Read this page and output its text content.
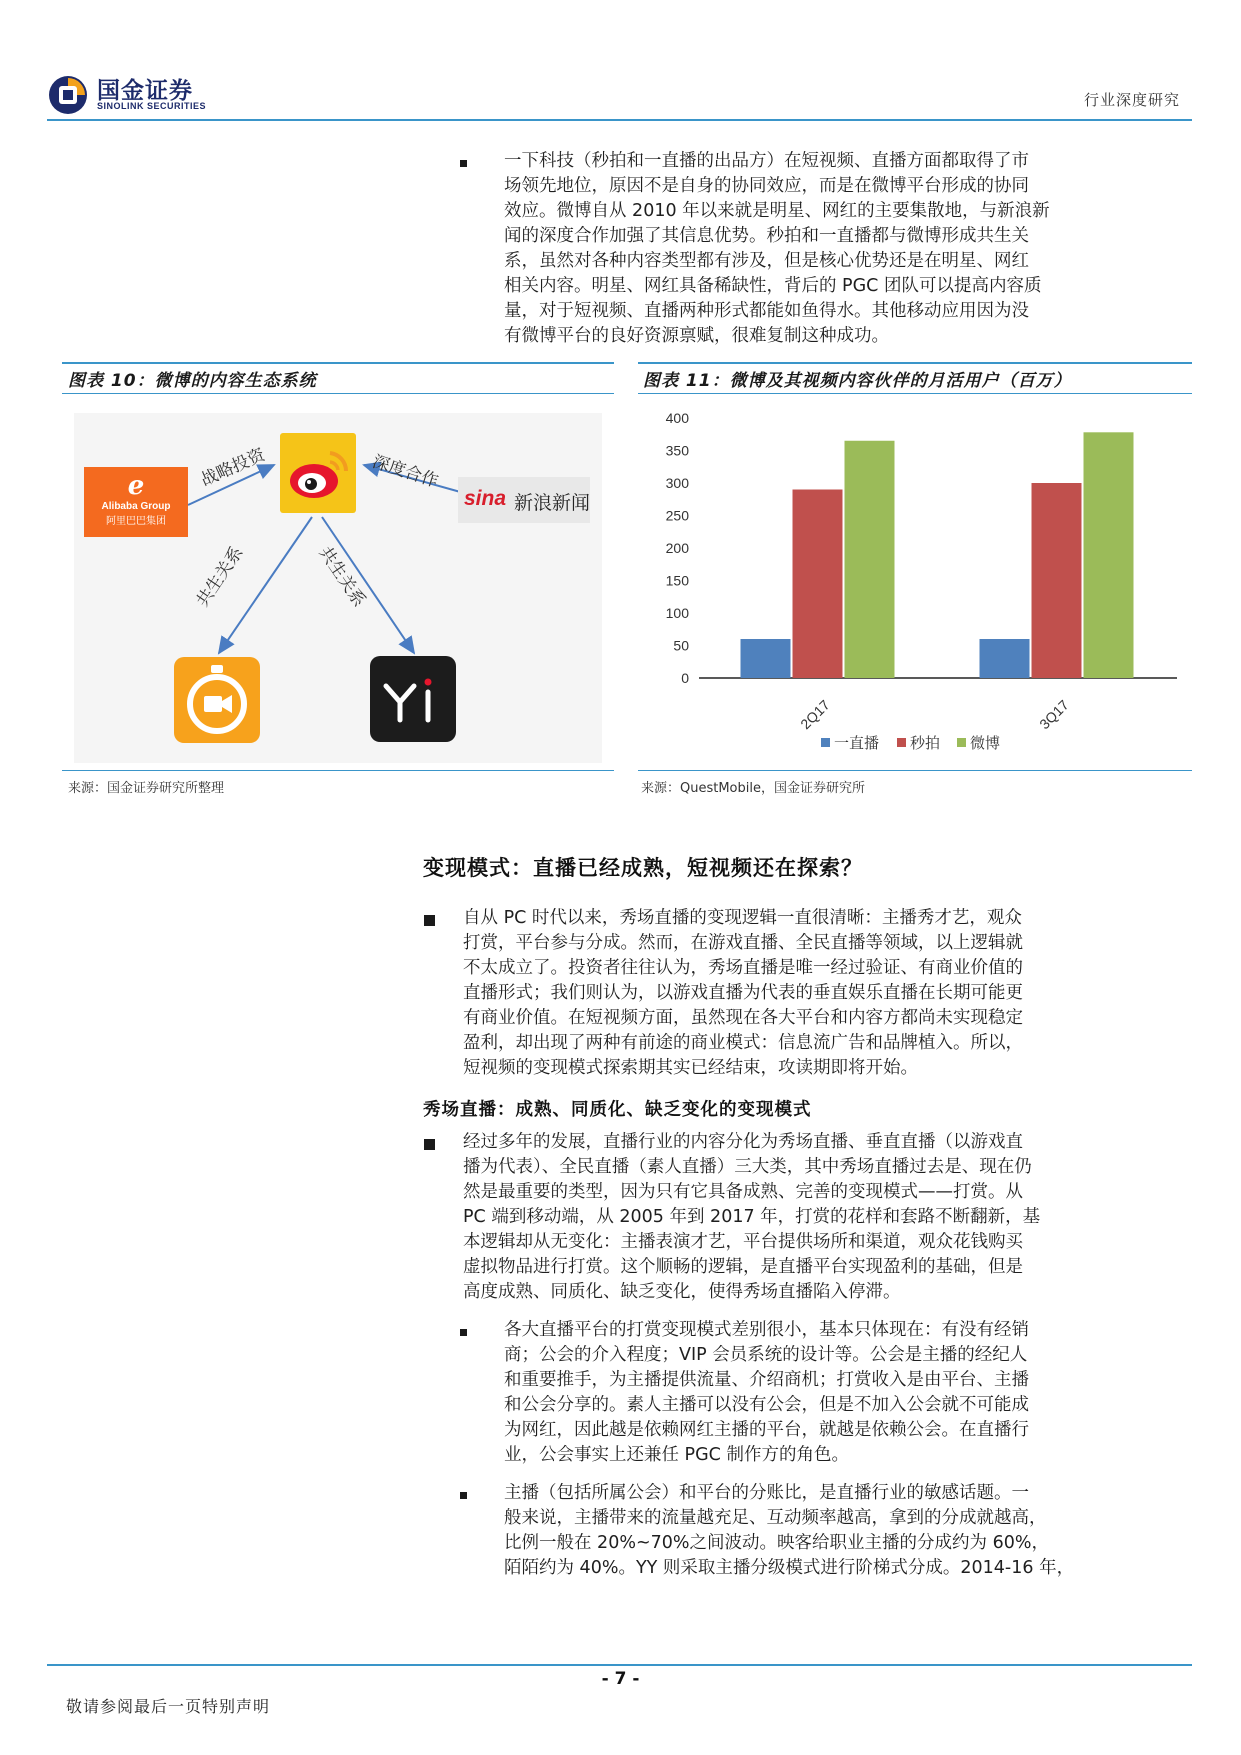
国金证券
SINOLINK SECURITIES	行业深度研究
一下科技（秒拍和一直播的出品方）在短视频、直播方面都取得了市
场领先地位，原因不是自身的协同效应，而是在微博平台形成的协同
效应。微博自从 2010 年以来就是明星、网红的主要集散地，与新浪新
闻的深度合作加强了其信息优势。秒拍和一直播都与微博形成共生关
系，虽然对各种内容类型都有涉及，但是核心优势还是在明星、网红
相关内容。明星、网红具备稀缺性，背后的 PGC 团队可以提高内容质
量，对于短视频、直播两种形式都能如鱼得水。其他移动应用因为没
有微博平台的良好资源禀赋，很难复制这种成功。
图表 10：微博的内容生态系统
战略投资	深度合作
共生关系	共生关系
e
Alibaba Group
阿里巴巴集团
sina 新浪新闻
来源：国金证券研究所整理
图表 11：微博及其视频内容伙伴的月活用户（百万）
0
50
100
150
200
250
300
350
400
2Q17	3Q17
一直播 秒拍 微博
来源：QuestMobile，国金证券研究所
变现模式：直播已经成熟，短视频还在探索？
自从 PC 时代以来，秀场直播的变现逻辑一直很清晰：主播秀才艺，观众
打赏，平台参与分成。然而，在游戏直播、全民直播等领域，以上逻辑就
不太成立了。投资者往往认为，秀场直播是唯一经过验证、有商业价值的
直播形式；我们则认为，以游戏直播为代表的垂直娱乐直播在长期可能更
有商业价值。在短视频方面，虽然现在各大平台和内容方都尚未实现稳定
盈利，却出现了两种有前途的商业模式：信息流广告和品牌植入。所以，
短视频的变现模式探索期其实已经结束，攻读期即将开始。
秀场直播：成熟、同质化、缺乏变化的变现模式
经过多年的发展，直播行业的内容分化为秀场直播、垂直直播（以游戏直
播为代表）、全民直播（素人直播）三大类，其中秀场直播过去是、现在仍
然是最重要的类型，因为只有它具备成熟、完善的变现模式——打赏。从
PC 端到移动端，从 2005 年到 2017 年，打赏的花样和套路不断翻新，基
本逻辑却从无变化：主播表演才艺，平台提供场所和渠道，观众花钱购买
虚拟物品进行打赏。这个顺畅的逻辑，是直播平台实现盈利的基础，但是
高度成熟、同质化、缺乏变化，使得秀场直播陷入停滞。
各大直播平台的打赏变现模式差别很小，基本只体现在：有没有经销
商；公会的介入程度；VIP 会员系统的设计等。公会是主播的经纪人
和重要推手，为主播提供流量、介绍商机；打赏收入是由平台、主播
和公会分享的。素人主播可以没有公会，但是不加入公会就不可能成
为网红，因此越是依赖网红主播的平台，就越是依赖公会。在直播行
业，公会事实上还兼任 PGC 制作方的角色。
主播（包括所属公会）和平台的分账比，是直播行业的敏感话题。一
般来说，主播带来的流量越充足、互动频率越高，拿到的分成就越高，
比例一般在 20%~70%之间波动。映客给职业主播的分成约为 60%，
陌陌约为 40%。YY 则采取主播分级模式进行阶梯式分成。2014-16 年，
- 7 -
敬请参阅最后一页特别声明
